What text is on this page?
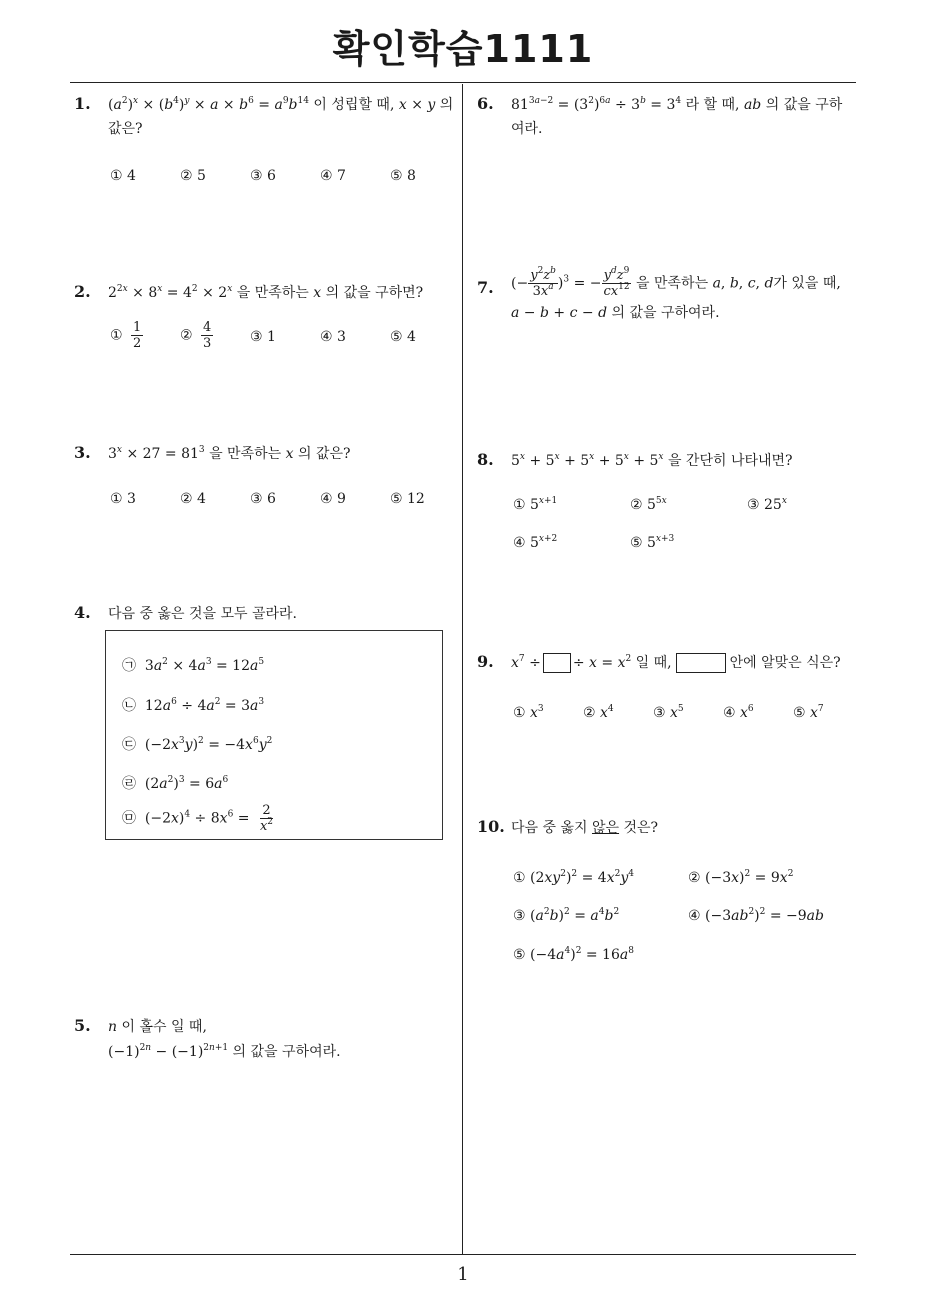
확인학습1111
1. $(a^2)^x \times (b^4)^y \times a \times b^6 = a^9b^{14}$ 이 성립할 때, x × y 의
값은?
① 4	② 5	③ 6	④ 7	⑤ 8
2. $2^{2x} \times 8^x = 4^2 \times 2^x$ 을 만족하는 x 의 값을 구하면?
① $\frac{1}{2}$	② $\frac{4}{3}$	③ 1	④ 3	⑤ 4
3. $3^x \times 27 = 81^3$ 을 만족하는 x 의 값은?
① 3	② 4	③ 6	④ 9	⑤ 12
4. 다음 중 옳은 것을 모두 골라라.
㉠  $3a^2 \times 4a^3 = 12a^5$
㉡  $12a^6 \div 4a^2 = 3a^3$
㉢  $(-2x^3y)^2 = -4x^6y^2$
㉣  $(2a^2)^3 = 6a^6$
㉤  $(-2x)^4 \div 8x^6 = \frac{2}{x^2}$
5. n 이 홀수 일 때,
$(-1)^{2n} - (-1)^{2n+1}$ 의 값을 구하여라.
6. $81^{3a-2} = (3^2)^{6a} \div 3^b = 3^4$ 라 할 때, ab 의 값을 구하
여라.
7. (− $\frac{y^2z^b}{3x^a} )^3$ = − $\frac{y^dz^9}{cx^{12}}$ 을 만족하는 a, b, c, d가 있을 때,
a − b + c − d 의 값을 구하여라.
8. $5^x + 5^x + 5^x + 5^x + 5^x$ 을 간단히 나타내면?
① $5^{x+1}$	② $5^{5x}$	③ 25$^x$
④ $5^{x+2}$	⑤ $5^{x+3}$
9. $x^7$ ÷ ÷ $x = x^2$ 일 때,	안에 알맞은 식은?
① $x^3$	② $x^4$	③ $x^5$	④ $x^6$	⑤ $x^7$
10. 다음 중 옳지 않은 것은?
① $(2xy^2)^2 = 4x^2y^4$	② $(-3x)^2 = 9x^2$
③ $(a^2b)^2 = a^4b^2$	④ $(-3ab^2)^2 = -9ab$
⑤ $(-4a^4)^2 = 16a^8$
1
